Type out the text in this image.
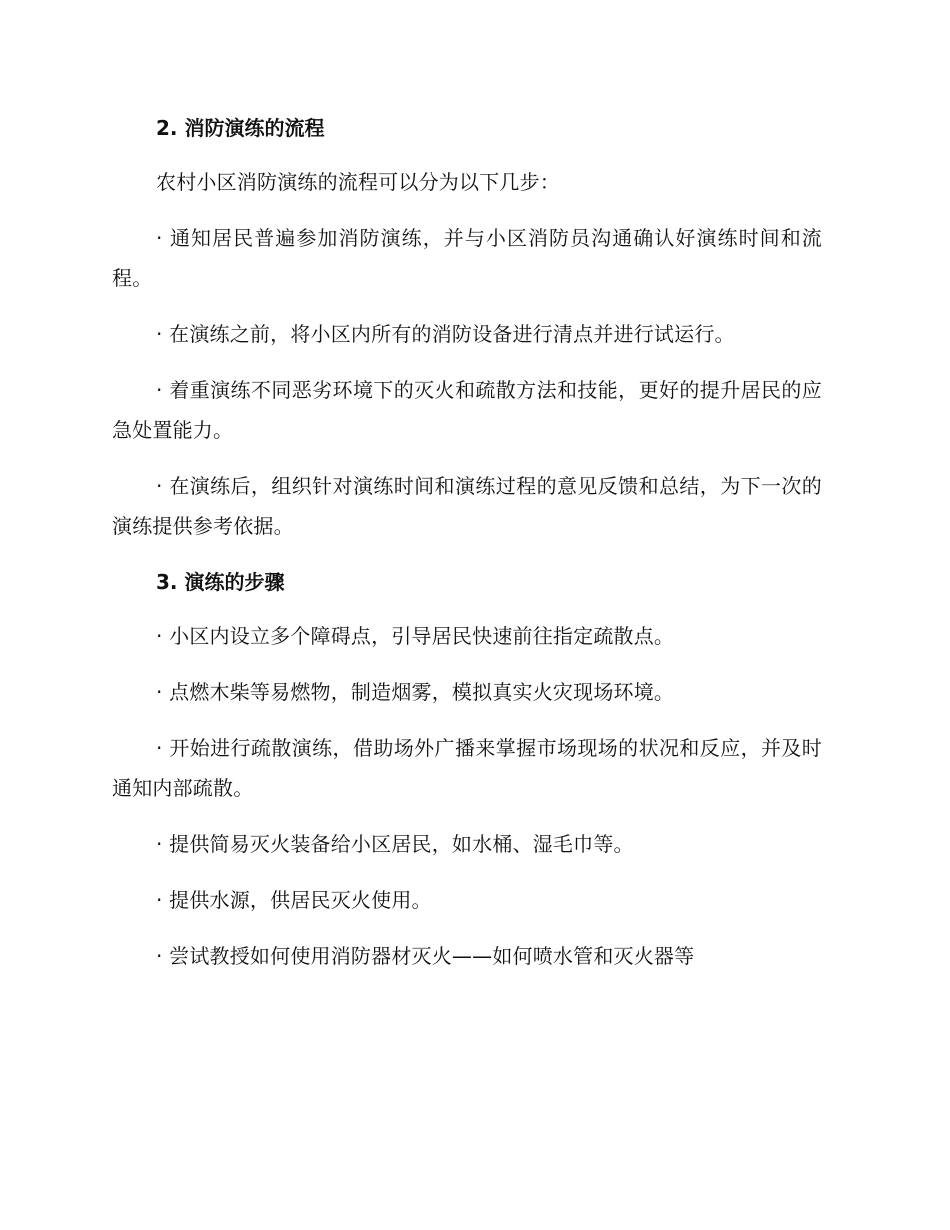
2. 消防演练的流程

农村小区消防演练的流程可以分为以下几步：

· 通知居民普遍参加消防演练，并与小区消防员沟通确认好演练时间和流程。

· 在演练之前，将小区内所有的消防设备进行清点并进行试运行。

· 着重演练不同恶劣环境下的灭火和疏散方法和技能，更好的提升居民的应急处置能力。

· 在演练后，组织针对演练时间和演练过程的意见反馈和总结，为下一次的演练提供参考依据。

3. 演练的步骤

· 小区内设立多个障碍点，引导居民快速前往指定疏散点。

· 点燃木柴等易燃物，制造烟雾，模拟真实火灾现场环境。

· 开始进行疏散演练，借助场外广播来掌握市场现场的状况和反应，并及时通知内部疏散。

· 提供简易灭火装备给小区居民，如水桶、湿毛巾等。

· 提供水源，供居民灭火使用。

· 尝试教授如何使用消防器材灭火——如何喷水管和灭火器等
